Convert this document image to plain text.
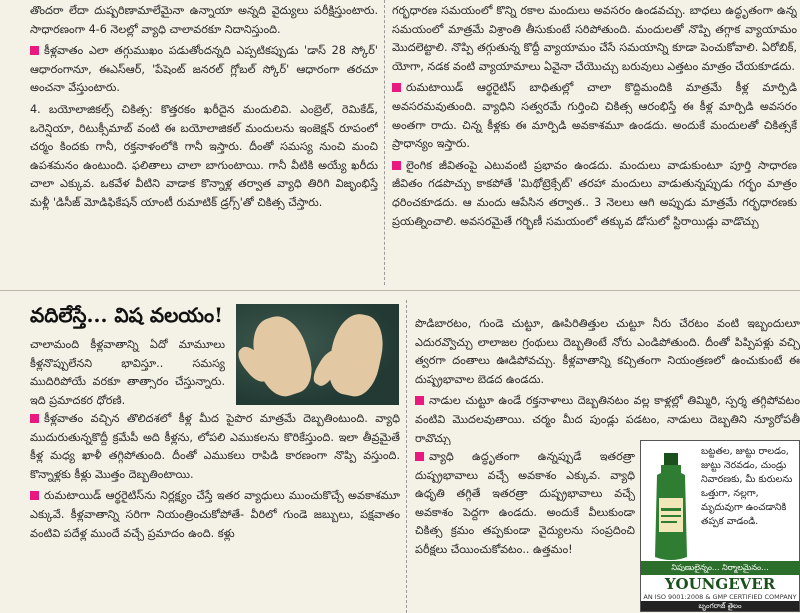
తొందరా లేదా దుష్పరిణామాలేమైనా ఉన్నాయా అన్నది వైద్యులు పరీక్షిస్తుంటారు. సాధారణంగా 4-6 నెలల్లో వ్యాధి చాలావరకూ నిదానిస్తుంది.

కీళ్లవాతం ఎలా తగ్గుముఖం పడుతోందన్నది ఎప్పటికప్పుడు 'డాస్ 28 స్కోర్' ఆధారంగానూ, ఈఎస్ఆర్, 'పేషెంట్ జనరల్ గ్లోబల్ స్కోర్' ఆధారంగా తరచూ అంచనా వేస్తుంటారు.

4. బయోలాజికల్స్ చికిత్స: కొత్తరకం ఖరీదైన మందులివి. ఎంబ్రెల్, రెమికేడ్, ఒరెన్షియా, రిటుక్సీమాబ్ వంటి ఈ బయోలాజికల్ మందులను ఇంజెక్షన్ రూపంలో చర్మం కిందకు గానీ, రక్తనాళంలోకి గానీ ఇస్తారు. దీంతో సమస్య నుంచి మంచి ఉపశమనం ఉంటుంది. ఫలితాలు చాలా బాగుంటాయి. గానీ వీటికి అయ్యే ఖరీదు చాలా ఎక్కువ. ఒకవేళ వీటిని వాడాక కొన్నాళ్ల తర్వాత వ్యాధి తిరిగి విజృంభిస్తే మళ్లీ 'డిసీజ్ మోడిఫికేషన్ యాంటీ రుమాటిక్ డ్రగ్స్'తో చికిత్స చేస్తారు.

గర్భధారణ సమయంలో కొన్ని రకాల మందులు అవసరం ఉండవచ్చు. బాధలు ఉద్ధృతంగా ఉన్న సమయంలో మాత్రమే విశ్రాంతి తీసుకుంటే సరిపోతుంది. మందులతో నొప్పి తగ్గాక వ్యాయామం మొదలెట్టాలి. నొప్పి తగ్గుతున్న కొద్దీ వ్యాయామం చేసే సమయాన్ని కూడా పెంచుకోవాలి. ఏరోబిక్, యోగా, నడక వంటి వ్యాయామాలు ఏవైనా చేయొచ్చు బరువులు ఎత్తటం మాత్రం చేయకూడదు.

రుమటాయిడ్ ఆర్థరైటిస్ బాధితుల్లో చాలా కొద్దిమందికి మాత్రమే కీళ్ల మార్పిడి అవసరమవుతుంది. వ్యాధిని సత్వరమే గుర్తించి చికిత్స ఆరంభిస్తే ఈ కీళ్ల మార్పిడి అవసరం అంతగా రాదు. చిన్న కీళ్లకు ఈ మార్పిడి అవకాశమూ ఉండదు. అందుకే మందులతో చికిత్సకే ప్రాధాన్యం ఇస్తారు.

లైంగిక జీవితంపై ఎటువంటి ప్రభావం ఉండదు. మందులు వాడుకుంటూ పూర్తి సాధారణ జీవితం గడపొచ్చు కాకపోతే 'మిథోట్రెక్సేట్' తరహా మందులు వాడుతున్నప్పుడు గర్భం మాత్రం ధరించకూడదు. ఆ మందు ఆపేసిన తర్వాత.. 3 నెలలు ఆగి అప్పుడు మాత్రమే గర్భధారణకు ప్రయత్నించాలి. అవసరమైతే గర్భిణీ సమయంలో తక్కువ డోసులో స్టిరాయిడ్లు వాడొచ్చు

వదిలేస్తే... విష వలయం!

చాలామంది కీళ్లవాతాన్ని ఏదో మామూలు కీళ్లనొప్పులేనని భావిస్తూ.. సమస్య ముదిరిపోయే వరకూ తాత్సారం చేస్తున్నారు. ఇది ప్రమాదకర ధోరణి.

కీళ్లవాతం వచ్చిన తొలిదశలో కీళ్ల మీద పైపొర మాత్రమే దెబ్బతింటుంది. వ్యాధి ముదురుతున్నకొద్దీ క్రమేపీ అది కీళ్లను, లోపలి ఎముకలను కొరికేస్తుంది. ఇలా తీవ్రమైతే కీళ్ల మధ్య ఖాళీ తగ్గిపోతుంది. దీంతో ఎముకలు రాపిడి కారణంగా నొప్పి వస్తుంది. కొన్నాళ్లకు కీళ్లు మొత్తం దెబ్బతింటాయి.

రుమటాయిడ్ ఆర్థరైటిస్‌ను నిర్లక్ష్యం చేస్తే ఇతర వ్యాధులు ముంచుకొచ్చే అవకాశమూ ఎక్కువే. కీళ్లవాతాన్ని సరిగా నియంత్రించుకోపోతే- వీరిలో గుండె జబ్బులు, పక్షవాతం వంటివి పదేళ్ల ముందే వచ్చే ప్రమాదం ఉంది. కళ్లు

పొడిబారటం, గుండె చుట్టూ, ఊపిరితిత్తుల చుట్టూ నీరు చేరటం వంటి ఇబ్బందులూ ఎదురవ్వొచ్చు లాలాజల గ్రంథులు దెబ్బతింటే నోరు ఎండిపోతుంది. దీంతో పిప్పిపళ్లు వచ్చి త్వరగా దంతాలు ఊడిపోవచ్చు. కీళ్లవాతాన్ని కచ్చితంగా నియంత్రణలో ఉంచుకుంటే ఈ దుష్ప్రభావాల బెడద ఉండదు.

నాడుల చుట్టూ ఉండే రక్తనాళాలు దెబ్బతినటం వల్ల కాళ్లల్లో తిమ్మిరి, స్పర్శ తగ్గిపోవటం వంటివి మొదలవుతాయి. చర్మం మీద పుండ్లు పడటం, నాడులు దెబ్బతిని న్యూరోపతీ రావొచ్చు

వ్యాధి ఉద్ధృతంగా ఉన్నప్పుడే ఇతరత్రా దుష్ప్రభావాలు వచ్చే అవకాశం ఎక్కువ. వ్యాధి ఉధృతి తగ్గితే ఇతరత్రా దుష్ప్రభావాలు వచ్చే అవకాశం పెద్దగా ఉండదు. అందుకే వీలుకుండా చికిత్స క్రమం తప్పకుండా వైద్యులను సంప్రదించి పరీక్షలు చేయించుకోవటం.. ఉత్తమం!

బట్టతల, జుట్టు రాలడం, జుట్టు నెరవడం, చుండ్రు నివారణకు, మీ కురులను ఒత్తుగా, నల్లగా, మృదువుగా ఉంచడానికి తప్పక వాడండి.
నిపుణులైన్నం... నిర్మాలమైనం...
YOUNGEVER
AN ISO 9001:2008 & GMP CERTIFIED COMPANY
బృంగరాజ్ తైలం
